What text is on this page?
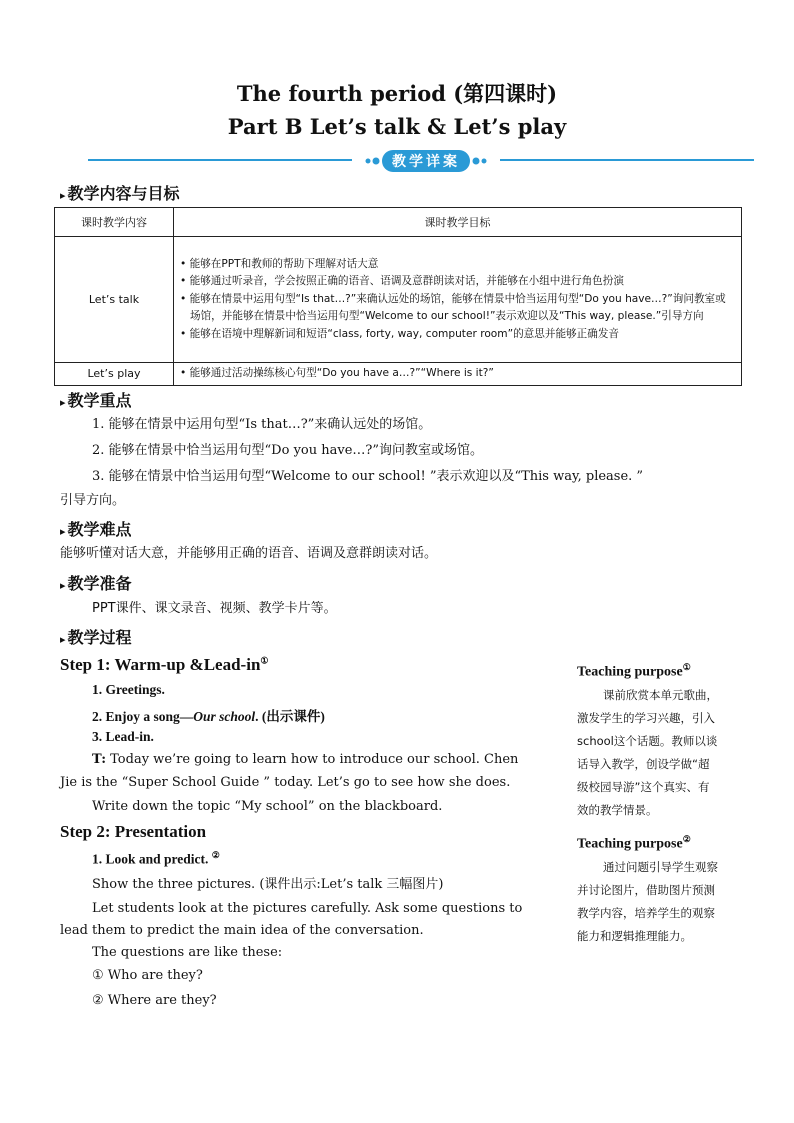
The fourth period (第四课时)
Part B Let’s talk & Let’s play
教学详案
▸ 教学内容与目标
课时教学内容	课时教学目标
Let’s talk	• 能够在PPT和教师的帮助下理解对话大意
• 能够通过听录音，学会按照正确的语音、语调及意群朗读对话，并能够在小组中进行角色扮演
• 能够在情景中运用句型“Is that…?”来确认远处的场馆，能够在情景中恰当运用句型“Do you have…?”询问教室或场馆，并能够在情景中恰当运用句型“Welcome to our school!”表示欢迎以及“This way, please.”引导方向
• 能够在语境中理解新词和短语“class, forty, way, computer room”的意思并能够正确发音

Let’s play	• 能够通过活动操练核心句型“Do you have a…?”“Where is it?”
▸ 教学重点
1. 能够在情景中运用句型“Is that…?”来确认远处的场馆。
2. 能够在情景中恰当运用句型“Do you have…?”询问教室或场馆。
3. 能够在情景中恰当运用句型“Welcome to our school! ”表示欢迎以及“This way, please. ”
引导方向。
▸ 教学难点
能够听懂对话大意，并能够用正确的语音、语调及意群朗读对话。
▸ 教学准备
PPT课件、课文录音、视频、教学卡片等。
▸ 教学过程
Step 1: Warm-up &Lead-in①
1. Greetings.
2. Enjoy a song—Our school. (出示课件)
3. Lead-in.
T: Today we’re going to learn how to introduce our school. Chen
Jie is the “Super School Guide ” today. Let’s go to see how she does.
Write down the topic “My school” on the blackboard.
Step 2: Presentation
1. Look and predict. ②
Show the three pictures. (课件出示:Let’s talk 三幅图片)
Let students look at the pictures carefully. Ask some questions to
lead them to predict the main idea of the conversation.
The questions are like these:
① Who are they?
② Where are they?
Teaching purpose①
课前欣赏本单元歌曲，
激发学生的学习兴趣，引入
school这个话题。教师以谈
话导入教学，创设学做“超
级校园导游”这个真实、有
效的教学情景。
Teaching purpose②
通过问题引导学生观察
并讨论图片，借助图片预测
教学内容，培养学生的观察
能力和逻辑推理能力。
